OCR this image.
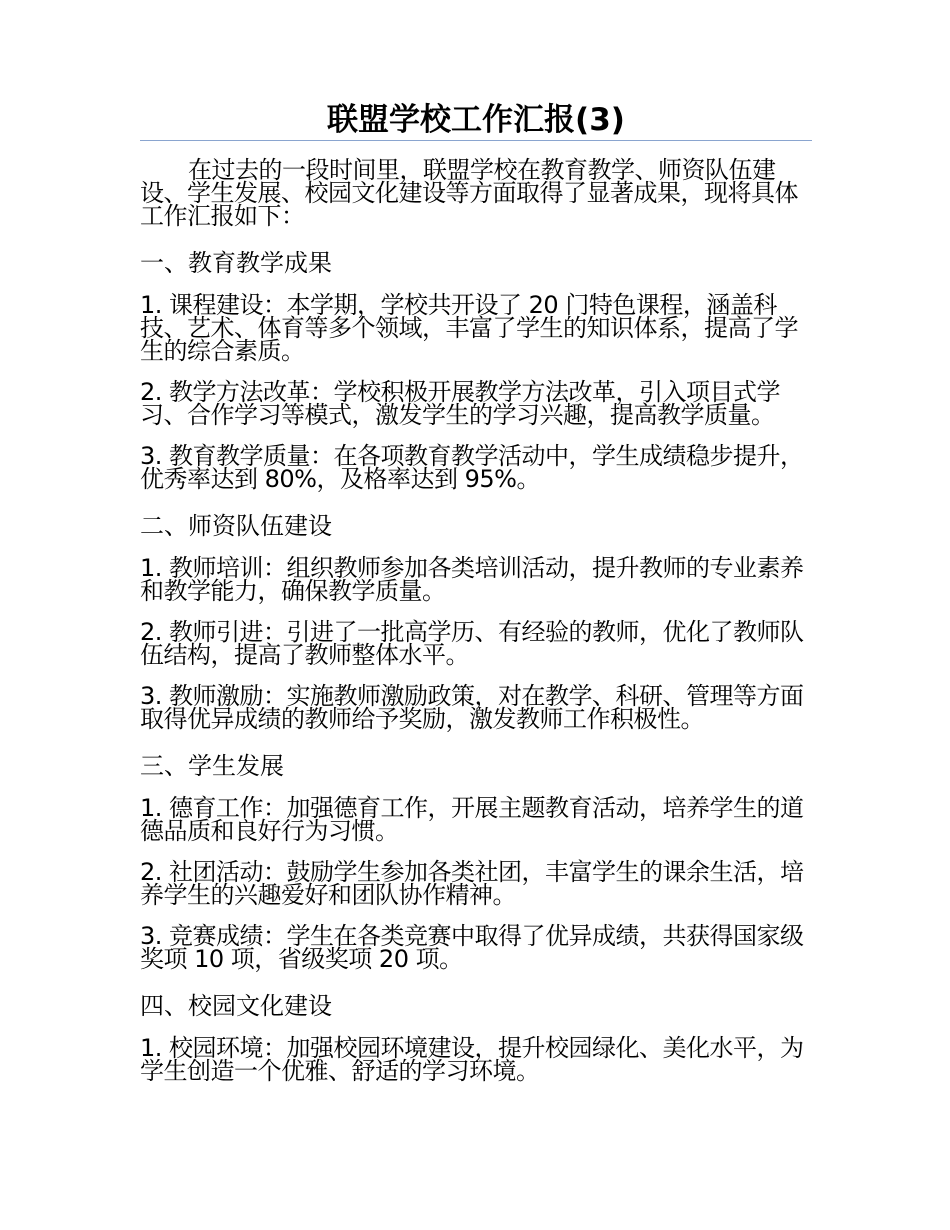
联盟学校工作汇报(3)

在过去的一段时间里，联盟学校在教育教学、师资队伍建设、学生发展、校园文化建设等方面取得了显著成果，现将具体工作汇报如下：

一、教育教学成果

1. 课程建设：本学期，学校共开设了 20 门特色课程，涵盖科技、艺术、体育等多个领域，丰富了学生的知识体系，提高了学生的综合素质。

2. 教学方法改革：学校积极开展教学方法改革，引入项目式学习、合作学习等模式，激发学生的学习兴趣，提高教学质量。

3. 教育教学质量：在各项教育教学活动中，学生成绩稳步提升，优秀率达到 80%，及格率达到 95%。

二、师资队伍建设

1. 教师培训：组织教师参加各类培训活动，提升教师的专业素养和教学能力，确保教学质量。

2. 教师引进：引进了一批高学历、有经验的教师，优化了教师队伍结构，提高了教师整体水平。

3. 教师激励：实施教师激励政策，对在教学、科研、管理等方面取得优异成绩的教师给予奖励，激发教师工作积极性。

三、学生发展

1. 德育工作：加强德育工作，开展主题教育活动，培养学生的道德品质和良好行为习惯。

2. 社团活动：鼓励学生参加各类社团，丰富学生的课余生活，培养学生的兴趣爱好和团队协作精神。

3. 竞赛成绩：学生在各类竞赛中取得了优异成绩，共获得国家级奖项 10 项，省级奖项 20 项。

四、校园文化建设

1. 校园环境：加强校园环境建设，提升校园绿化、美化水平，为学生创造一个优雅、舒适的学习环境。
